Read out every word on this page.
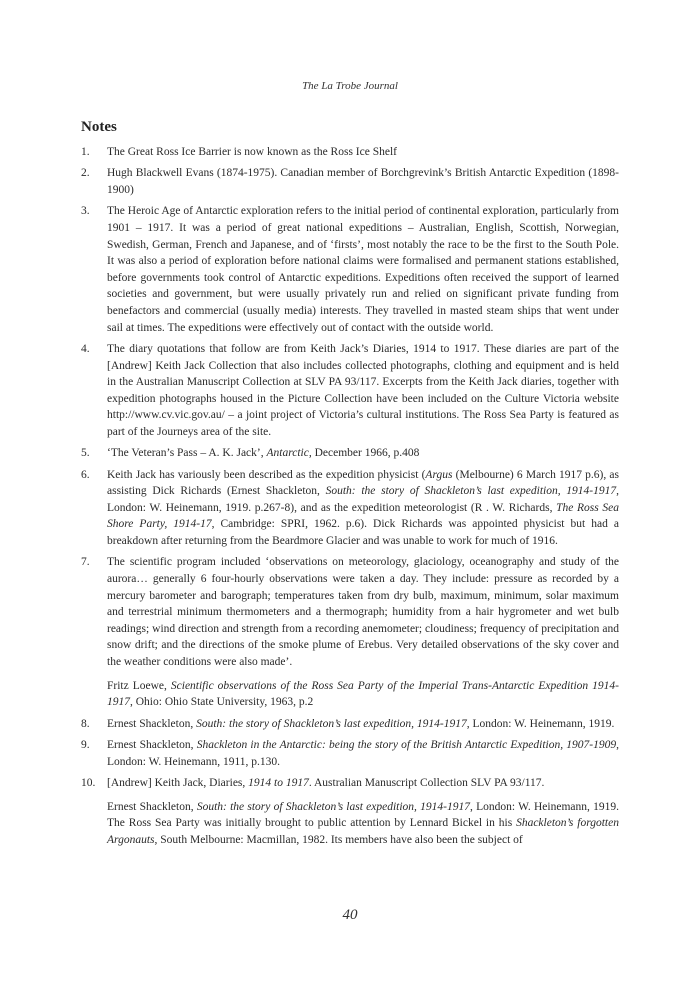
The La Trobe Journal
Notes
1.	The Great Ross Ice Barrier is now known as the Ross Ice Shelf
2.	Hugh Blackwell Evans (1874-1975). Canadian member of Borchgrevink’s British Antarctic Expedition (1898-1900)
3.	The Heroic Age of Antarctic exploration refers to the initial period of continental exploration, particularly from 1901 – 1917. It was a period of great national expeditions – Australian, English, Scottish, Norwegian, Swedish, German, French and Japanese, and of ‘firsts’, most notably the race to be the first to the South Pole. It was also a period of exploration before national claims were formalised and permanent stations established, before governments took control of Antarctic expeditions. Expeditions often received the support of learned societies and government, but were usually privately run and relied on significant private funding from benefactors and commercial (usually media) interests. They travelled in masted steam ships that went under sail at times. The expeditions were effectively out of contact with the outside world.
4.	The diary quotations that follow are from Keith Jack’s Diaries, 1914 to 1917. These diaries are part of the [Andrew] Keith Jack Collection that also includes collected photographs, clothing and equipment and is held in the Australian Manuscript Collection at SLV PA 93/117. Excerpts from the Keith Jack diaries, together with expedition photographs housed in the Picture Collection have been included on the Culture Victoria website http://www.cv.vic.gov.au/ – a joint project of Victoria’s cultural institutions. The Ross Sea Party is featured as part of the Journeys area of the site.
5.	‘The Veteran’s Pass – A. K. Jack’, Antarctic, December 1966, p.408
6.	Keith Jack has variously been described as the expedition physicist (Argus (Melbourne) 6 March 1917 p.6), as assisting Dick Richards (Ernest Shackleton, South: the story of Shackleton’s last expedition, 1914-1917, London: W. Heinemann, 1919. p.267-8), and as the expedition meteorologist (R . W. Richards, The Ross Sea Shore Party, 1914-17, Cambridge: SPRI, 1962. p.6). Dick Richards was appointed physicist but had a breakdown after returning from the Beardmore Glacier and was unable to work for much of 1916.
7.	The scientific program included ‘observations on meteorology, glaciology, oceanography and study of the aurora… generally 6 four-hourly observations were taken a day. They include: pressure as recorded by a mercury barometer and barograph; temperatures taken from dry bulb, maximum, minimum, solar maximum and terrestrial minimum thermometers and a thermograph; humidity from a hair hygrometer and wet bulb readings; wind direction and strength from a recording anemometer; cloudiness; frequency of precipitation and snow drift; and the directions of the smoke plume of Erebus. Very detailed observations of the sky cover and the weather conditions were also made’.
Fritz Loewe, Scientific observations of the Ross Sea Party of the Imperial Trans-Antarctic Expedition 1914-1917, Ohio: Ohio State University, 1963, p.2
8.	Ernest Shackleton, South: the story of Shackleton’s last expedition, 1914-1917, London: W. Heinemann, 1919.
9.	Ernest Shackleton, Shackleton in the Antarctic: being the story of the British Antarctic Expedition, 1907-1909, London: W. Heinemann, 1911, p.130.
10.	[Andrew] Keith Jack, Diaries, 1914 to 1917. Australian Manuscript Collection SLV PA 93/117.
Ernest Shackleton, South: the story of Shackleton’s last expedition, 1914-1917, London: W. Heinemann, 1919. The Ross Sea Party was initially brought to public attention by Lennard Bickel in his Shackleton’s forgotten Argonauts, South Melbourne: Macmillan, 1982. Its members have also been the subject of
40
